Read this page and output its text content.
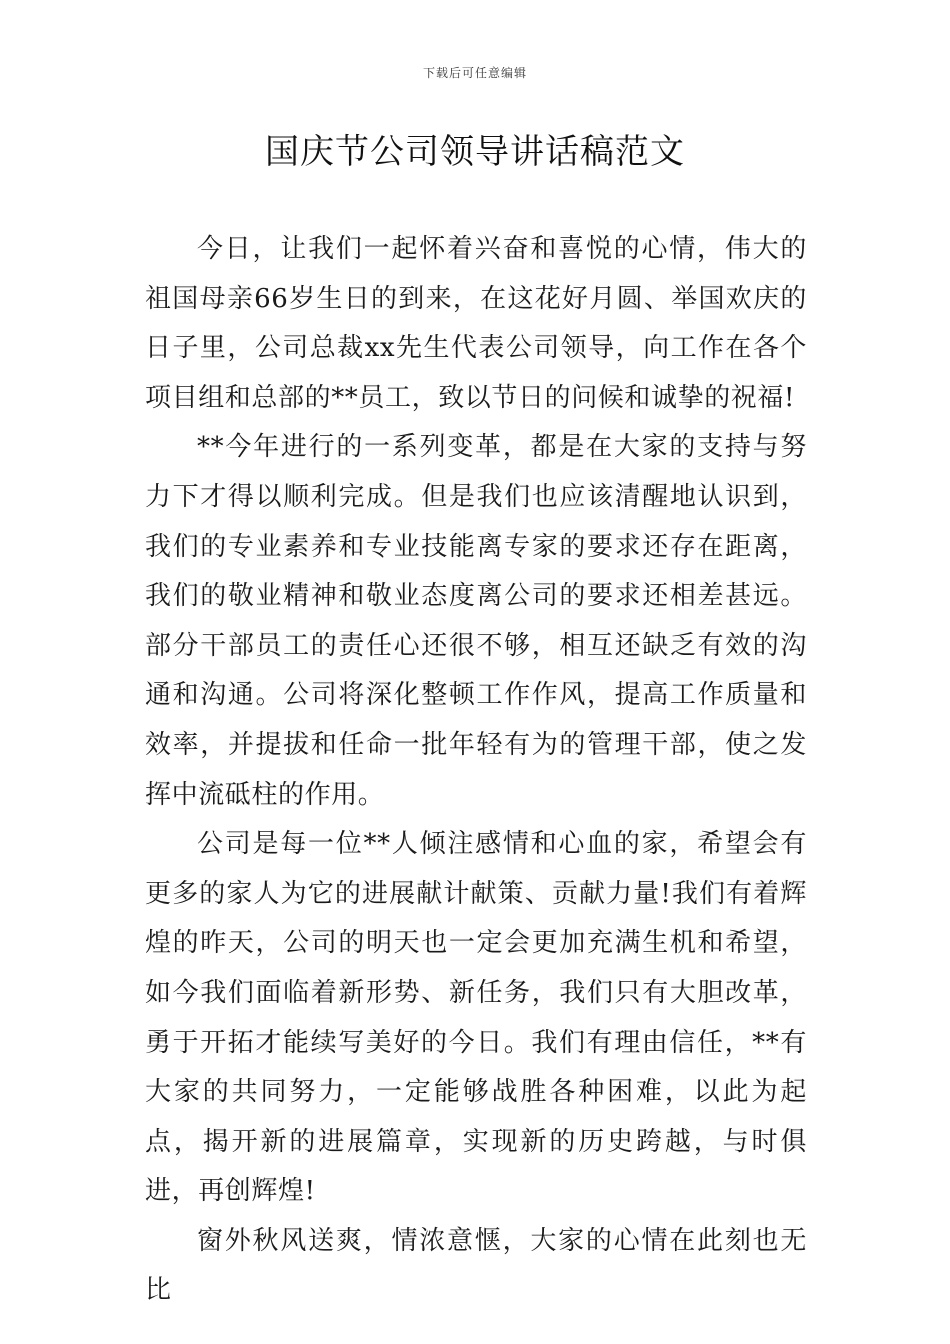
下载后可任意编辑
国庆节公司领导讲话稿范文

今日，让我们一起怀着兴奋和喜悦的心情，伟大的祖国母亲66岁生日的到来，在这花好月圆、举国欢庆的日子里，公司总裁xx先生代表公司领导，向工作在各个项目组和总部的**员工，致以节日的问候和诚挚的祝福!

**今年进行的一系列变革，都是在大家的支持与努力下才得以顺利完成。但是我们也应该清醒地认识到，我们的专业素养和专业技能离专家的要求还存在距离，我们的敬业精神和敬业态度离公司的要求还相差甚远。部分干部员工的责任心还很不够，相互还缺乏有效的沟通和沟通。公司将深化整顿工作作风，提高工作质量和效率，并提拔和任命一批年轻有为的管理干部，使之发挥中流砥柱的作用。

公司是每一位**人倾注感情和心血的家，希望会有更多的家人为它的进展献计献策、贡献力量!我们有着辉煌的昨天，公司的明天也一定会更加充满生机和希望，如今我们面临着新形势、新任务，我们只有大胆改革，勇于开拓才能续写美好的今日。我们有理由信任，**有大家的共同努力，一定能够战胜各种困难，以此为起点，揭开新的进展篇章，实现新的历史跨越，与时俱进，再创辉煌!

窗外秋风送爽，情浓意惬，大家的心情在此刻也无比
